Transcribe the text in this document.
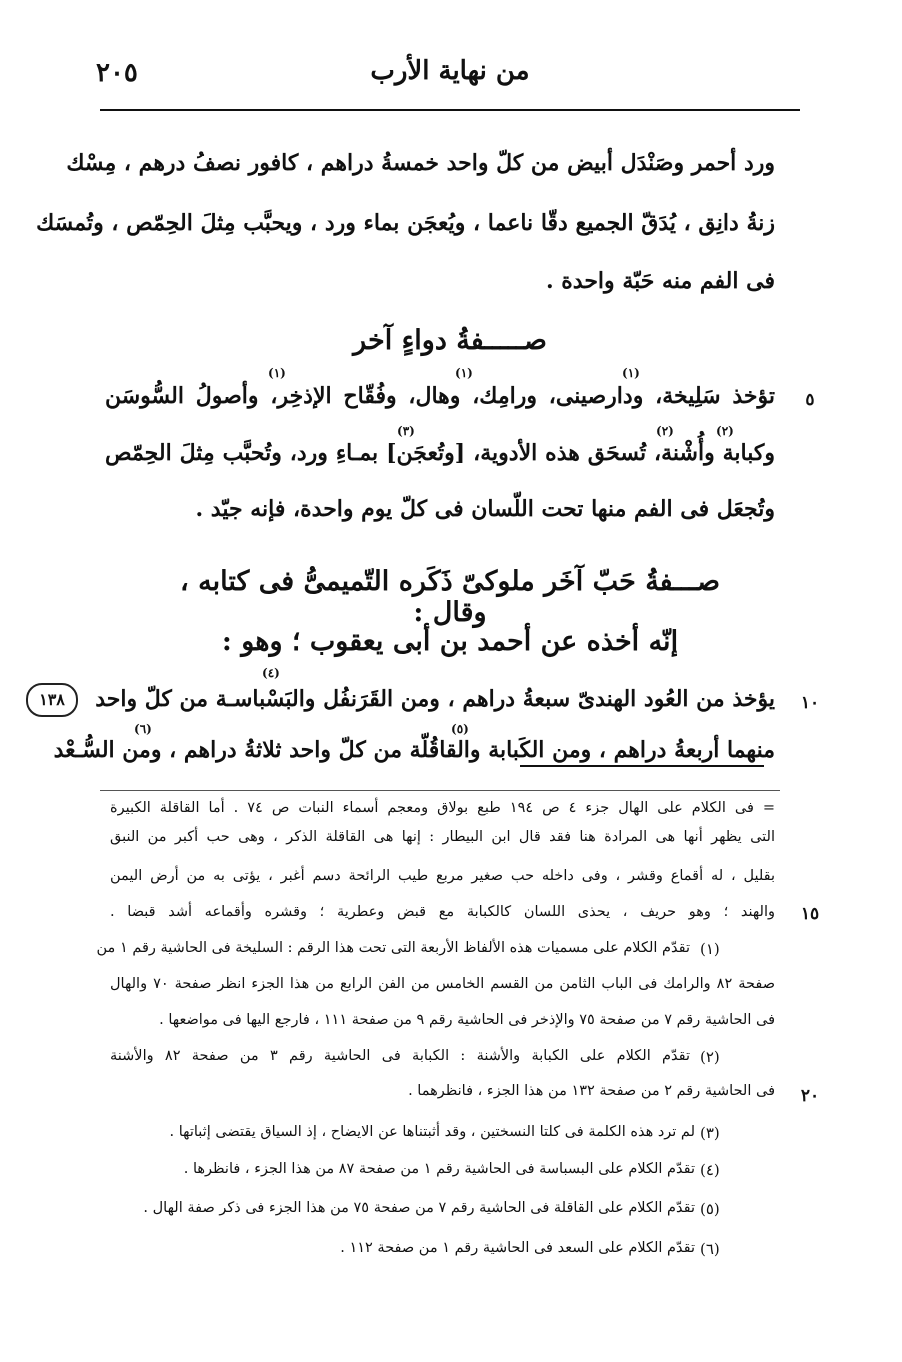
من نهاية الأرب
٢٠٥
ورد أحمر وصَنْدَل أبيض من كلّ واحد خمسةُ دراهم ، كافور نصفُ درهم ، مِسْك
زنةُ دانِق ، يُدَقّ الجميع دقّا ناعما ، ويُعجَن بماء ورد ، ويحبَّب مِثلَ الحِمّص ، وتُمسَك
فى الفم منه حَبّة واحدة .
صـــــفةُ دواءٍ آخر
(١)
(١)
(١)
تؤخذ سَلِيخة، ودارصينى، ورامِك، وهال، وفُقّاح الإذخِر، وأصولُ السُّوسَن	٥
(٢)
(٢)
(٣)
وكبابة وأُشْنة، تُسحَق هذه الأدوية، [وتُعجَن] بمـاءِ ورد، وتُحبَّب مِثلَ الحِمّص
وتُجعَل فى الفم منها تحت اللّسان فى كلّ يوم واحدة، فإنه جيّد .
صـــفةُ حَبّ آخَر ملوكىّ ذَكَره التّميمىُّ فى كتابه ، وقال :
إنّه أخذه عن أحمد بن أبى يعقوب ؛ وهو :
(٤)
١٣٨	يؤخذ من العُود الهندىّ سبعةُ دراهم ، ومن القَرَنفُل والبَسْباسـة من كلّ واحد	١٠
(٥)
(٦)
منهما أربعةُ دراهم ، ومن الكَبابة والقاقُلّة من كلّ واحد ثلاثةُ دراهم ، ومن السُّـعْد
= فى الكلام على الهال جزء ٤ ص ١٩٤ طبع بولاق ومعجم أسماء النبات ص ٧٤ . أما القاقلة الكبيرة
التى يظهر أنها هى المرادة هنا فقد قال ابن البيطار : إنها هى القاقلة الذكر ، وهى حب أكبر من النبق
بقليل ، له أقماع وقشر ، وفى داخله حب صغير مربع طيب الرائحة دسم أغبر ، يؤتى به من أرض اليمن
والهند ؛ وهو حريف ، يحذى اللسان كالكبابة مع قبض وعطرية ؛ وقشره وأقماعه أشد قبضا .	١٥
(١)
تقدّم الكلام على مسميات هذه الألفاظ الأربعة التى تحت هذا الرقم : السليخة فى الحاشية رقم ١ من
صفحة ٨٢ والرامك فى الباب الثامن من القسم الخامس من الفن الرابع من هذا الجزء انظر صفحة ٧٠ والهال
فى الحاشية رقم ٧ من صفحة ٧٥ والإذخر فى الحاشية رقم ٩ من صفحة ١١١ ، فارجع اليها فى مواضعها .
(٢)
تقدّم الكلام على الكبابة والأشنة : الكبابة فى الحاشية رقم ٣ من صفحة ٨٢ والأشنة
فى الحاشية رقم ٢ من صفحة ١٣٢ من هذا الجزء ، فانظرهما .	٢٠
(٣)
لم ترد هذه الكلمة فى كلتا النسختين ، وقد أثبتناها عن الايضاح ، إذ السياق يقتضى إثباتها .
(٤)
تقدّم الكلام على البسباسة فى الحاشية رقم ١ من صفحة ٨٧ من هذا الجزء ، فانظرها .
(٥)
تقدّم الكلام على القاقلة فى الحاشية رقم ٧ من صفحة ٧٥ من هذا الجزء فى ذكر صفة الهال .
(٦)
تقدّم الكلام على السعد فى الحاشية رقم ١ من صفحة ١١٢ .
